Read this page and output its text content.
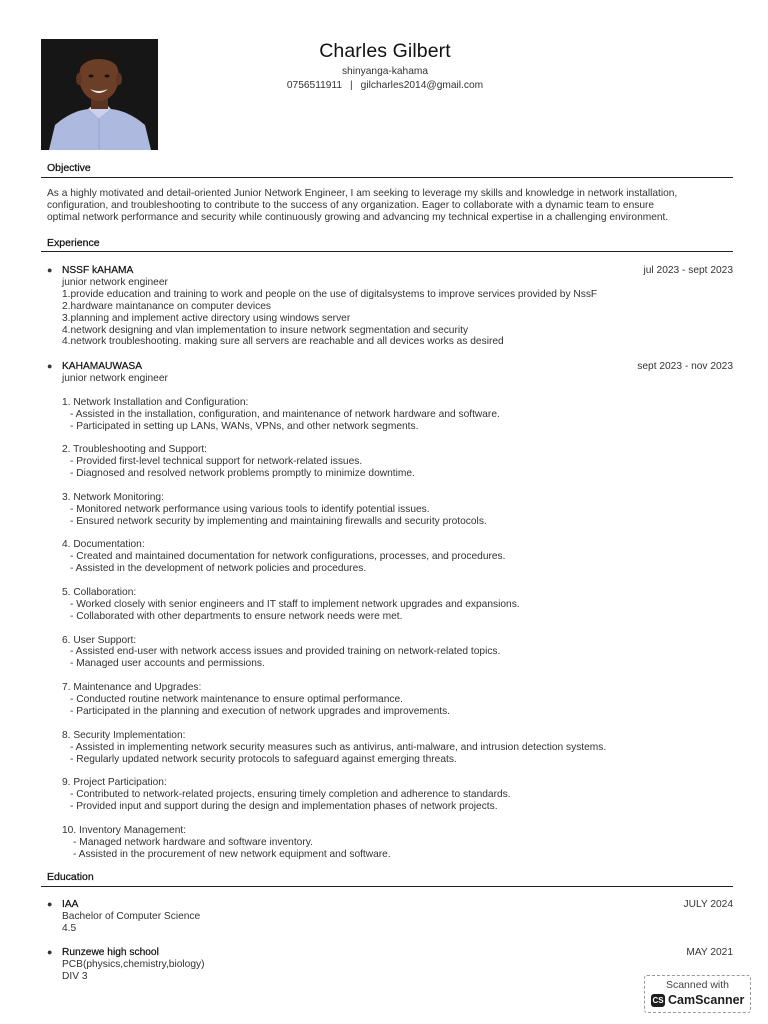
Charles Gilbert
shinyanga-kahama
0756511911 | gilcharles2014@gmail.com
Objective
As a highly motivated and detail-oriented Junior Network Engineer, I am seeking to leverage my skills and knowledge in network installation,
configuration, and troubleshooting to contribute to the success of any organization. Eager to collaborate with a dynamic team to ensure
optimal network performance and security while continuously growing and advancing my technical expertise in a challenging environment.
Experience
● NSSF kAHAMA	jul 2023 - sept 2023
junior network engineer
1.provide education and training to work and people on the use of digitalsystems to improve services provided by NssF
2.hardware maintanance on computer devices
3.planning and implement active directory using windows server
4.network designing and vlan implementation to insure network segmentation and security
4.network troubleshooting. making sure all servers are reachable and all devices works as desired
● KAHAMAUWASA	sept 2023 - nov 2023
junior network engineer
1. Network Installation and Configuration:
- Assisted in the installation, configuration, and maintenance of network hardware and software.
- Participated in setting up LANs, WANs, VPNs, and other network segments.
2. Troubleshooting and Support:
- Provided first-level technical support for network-related issues.
- Diagnosed and resolved network problems promptly to minimize downtime.
3. Network Monitoring:
- Monitored network performance using various tools to identify potential issues.
- Ensured network security by implementing and maintaining firewalls and security protocols.
4. Documentation:
- Created and maintained documentation for network configurations, processes, and procedures.
- Assisted in the development of network policies and procedures.
5. Collaboration:
- Worked closely with senior engineers and IT staff to implement network upgrades and expansions.
- Collaborated with other departments to ensure network needs were met.
6. User Support:
- Assisted end-user with network access issues and provided training on network-related topics.
- Managed user accounts and permissions.
7. Maintenance and Upgrades:
- Conducted routine network maintenance to ensure optimal performance.
- Participated in the planning and execution of network upgrades and improvements.
8. Security Implementation:
- Assisted in implementing network security measures such as antivirus, anti-malware, and intrusion detection systems.
- Regularly updated network security protocols to safeguard against emerging threats.
9. Project Participation:
- Contributed to network-related projects, ensuring timely completion and adherence to standards.
- Provided input and support during the design and implementation phases of network projects.
10. Inventory Management:
- Managed network hardware and software inventory.
- Assisted in the procurement of new network equipment and software.
Education
● IAA	JULY 2024
Bachelor of Computer Science
4.5
● Runzewe high school	MAY 2021
PCB(physics,chemistry,biology)
DIV 3
Scanned with
CS CamScanner
